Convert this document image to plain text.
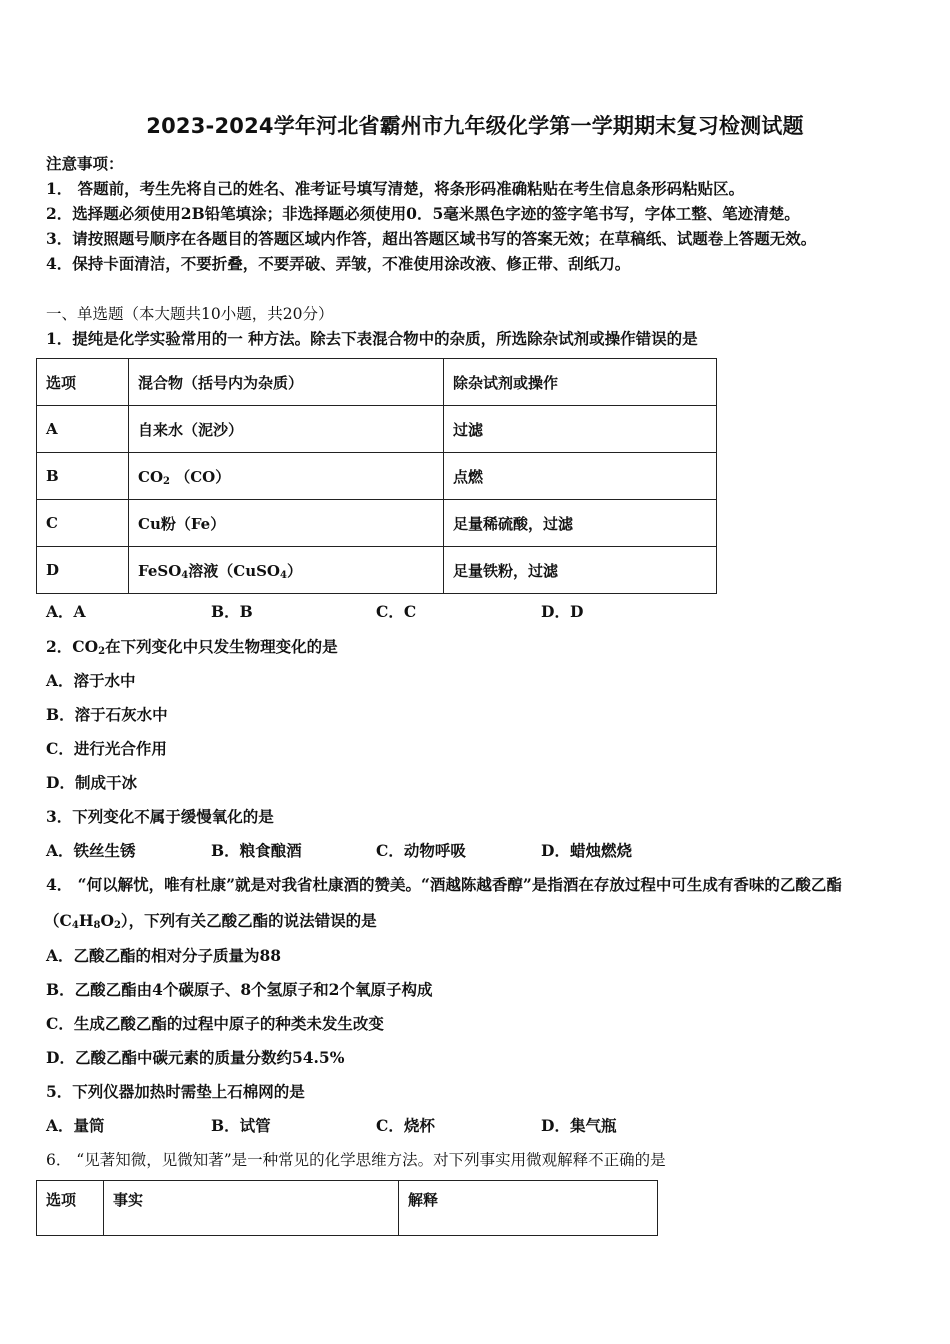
2023-2024学年河北省霸州市九年级化学第一学期期末复习检测试题
注意事项：
1． 答题前，考生先将自己的姓名、准考证号填写清楚，将条形码准确粘贴在考生信息条形码粘贴区。
2．选择题必须使用2B铅笔填涂；非选择题必须使用0．5毫米黑色字迹的签字笔书写，字体工整、笔迹清楚。
3．请按照题号顺序在各题目的答题区域内作答，超出答题区域书写的答案无效；在草稿纸、试题卷上答题无效。
4．保持卡面清洁，不要折叠，不要弄破、弄皱，不准使用涂改液、修正带、刮纸刀。
一、单选题（本大题共10小题，共20分）
1．提纯是化学实验常用的一 种方法。除去下表混合物中的杂质，所选除杂试剂或操作错误的是
选项	混合物（括号内为杂质）	除杂试剂或操作
A	自来水（泥沙）	过滤
B	$CO_2$ （CO）	点燃
C	Cu粉（Fe）	足量稀硫酸，过滤
D	FeSO$_4$溶液（CuSO$_4$）	足量铁粉，过滤
A．A	B．B	C．C	D．D
2．$CO_2$在下列变化中只发生物理变化的是
A．溶于水中
B．溶于石灰水中
C．进行光合作用
D．制成干冰
3．下列变化不属于缓慢氧化的是
A．铁丝生锈	B．粮食酿酒	C．动物呼吸	D．蜡烛燃烧
4． “何以解忧，唯有杜康”就是对我省杜康酒的赞美。“酒越陈越香醇”是指酒在存放过程中可生成有香味的乙酸乙酯
$(C_4H_8O_2)$，下列有关乙酸乙酯的说法错误的是
A．乙酸乙酯的相对分子质量为88
B．乙酸乙酯由4个碳原子、8个氢原子和2个氧原子构成
C．生成乙酸乙酯的过程中原子的种类未发生改变
D．乙酸乙酯中碳元素的质量分数约54.5%
5．下列仪器加热时需垫上石棉网的是
A．量筒	B．试管	C．烧杯	D．集气瓶
6． “见著知微，见微知著”是一种常见的化学思维方法。对下列事实用微观解释不正确的是
选项	事实	解释
